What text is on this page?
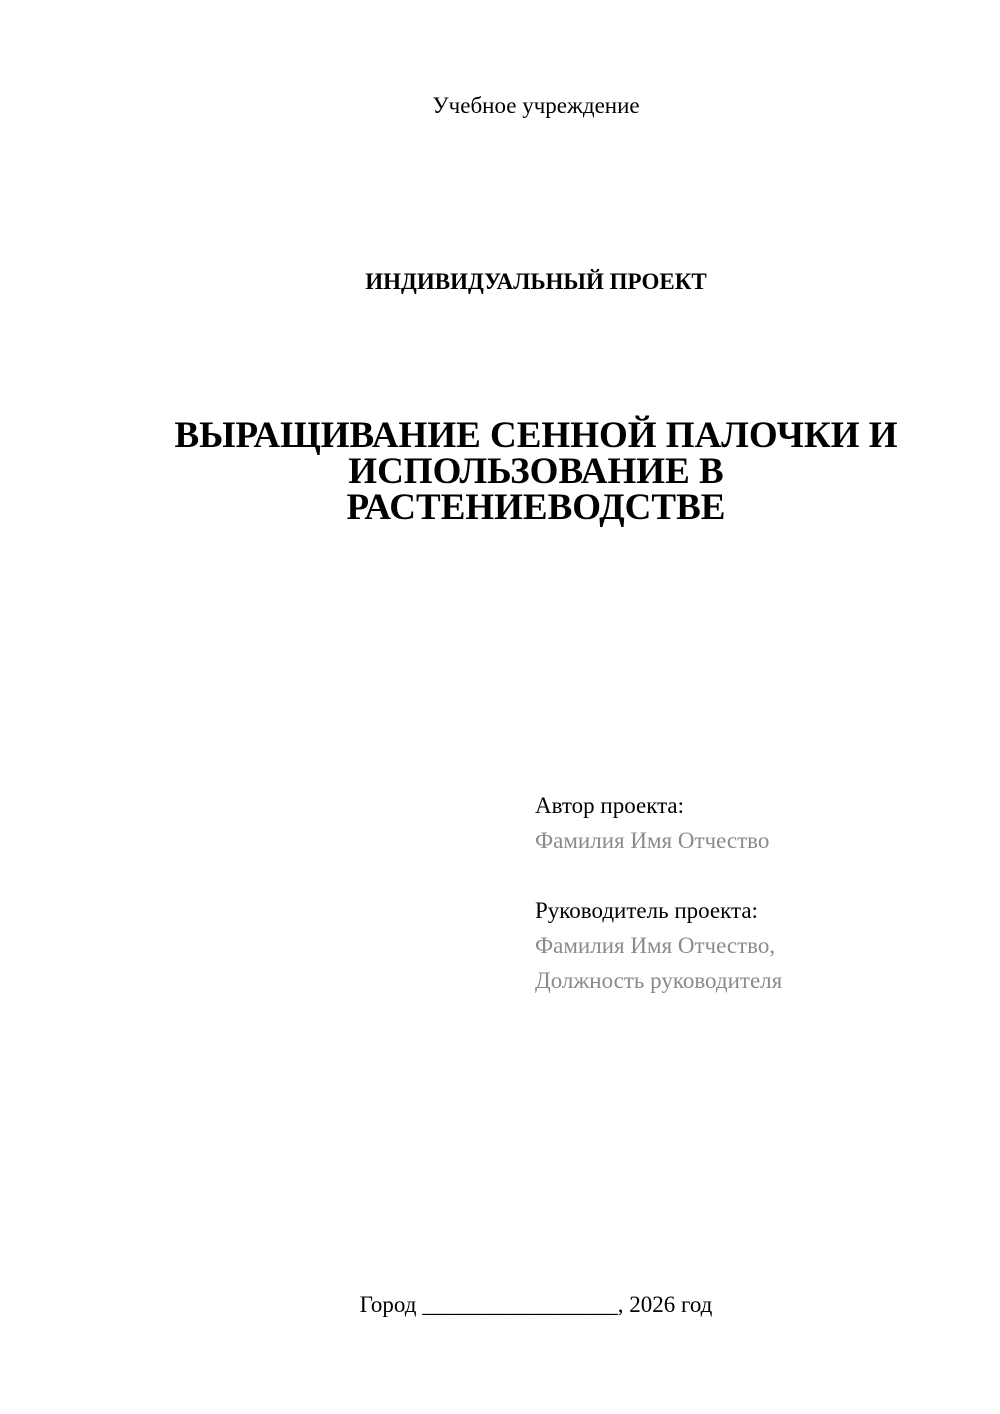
Учебное учреждение
ИНДИВИДУАЛЬНЫЙ ПРОЕКТ
ВЫРАЩИВАНИЕ СЕННОЙ ПАЛОЧКИ И
ИСПОЛЬЗОВАНИЕ В
РАСТЕНИЕВОДСТВЕ
Автор проекта:
Фамилия Имя Отчество
Руководитель проекта:
Фамилия Имя Отчество,
Должность руководителя
Город _________________, 2026 год
